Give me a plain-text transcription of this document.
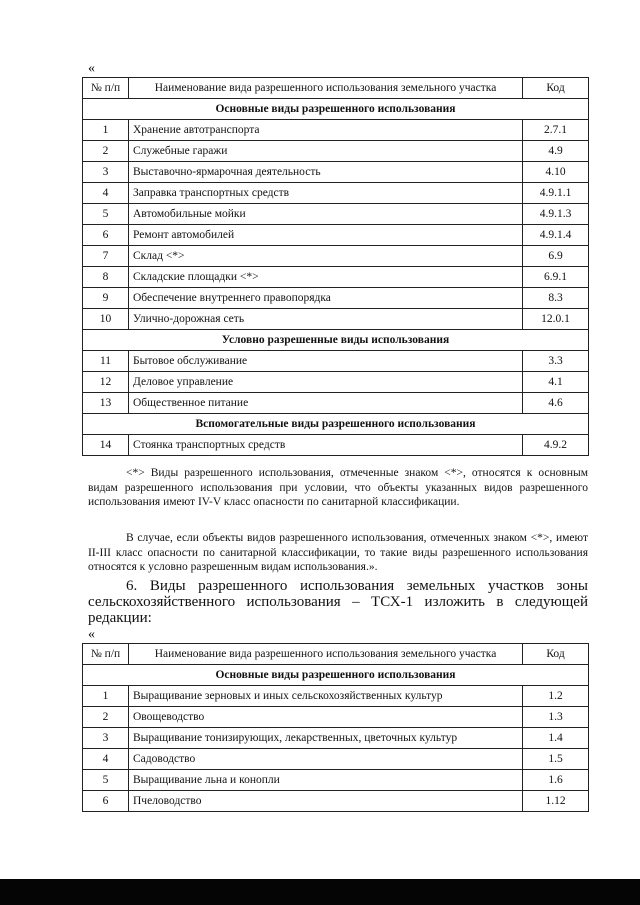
«
№ п/п	Наименование вида разрешенного использования земельного участка	Код
Основные виды разрешенного использования		
1	Хранение автотранспорта	2.7.1
2	Служебные гаражи	4.9
3	Выставочно-ярмарочная деятельность	4.10
4	Заправка транспортных средств	4.9.1.1
5	Автомобильные мойки	4.9.1.3
6	Ремонт автомобилей	4.9.1.4
7	Склад <*>	6.9
8	Складские площадки <*>	6.9.1
9	Обеспечение внутреннего правопорядка	8.3
10	Улично-дорожная сеть	12.0.1
Условно разрешенные виды использования		
11	Бытовое обслуживание	3.3
12	Деловое управление	4.1
13	Общественное питание	4.6
Вспомогательные виды разрешенного использования		
14	Стоянка транспортных средств	4.9.2
<*> Виды разрешенного использования, отмеченные знаком <*>, относятся к основным видам разрешенного использования при условии, что объекты указанных видов разрешенного использования имеют IV-V класс опасности по санитарной классификации.
В случае, если объекты видов разрешенного использования, отмеченных знаком <*>, имеют II-III класс опасности по санитарной классификации, то такие виды разрешенного использования относятся к условно разрешенным видам использования.».
6. Виды разрешенного использования земельных участков зоны сельскохозяйственного использования – ТСХ-1 изложить в следующей редакции:
«
№ п/п	Наименование вида разрешенного использования земельного участка	Код
Основные виды разрешенного использования		
1	Выращивание зерновых и иных сельскохозяйственных культур	1.2
2	Овощеводство	1.3
3	Выращивание тонизирующих, лекарственных, цветочных культур	1.4
4	Садоводство	1.5
5	Выращивание льна и конопли	1.6
6	Пчеловодство	1.12
